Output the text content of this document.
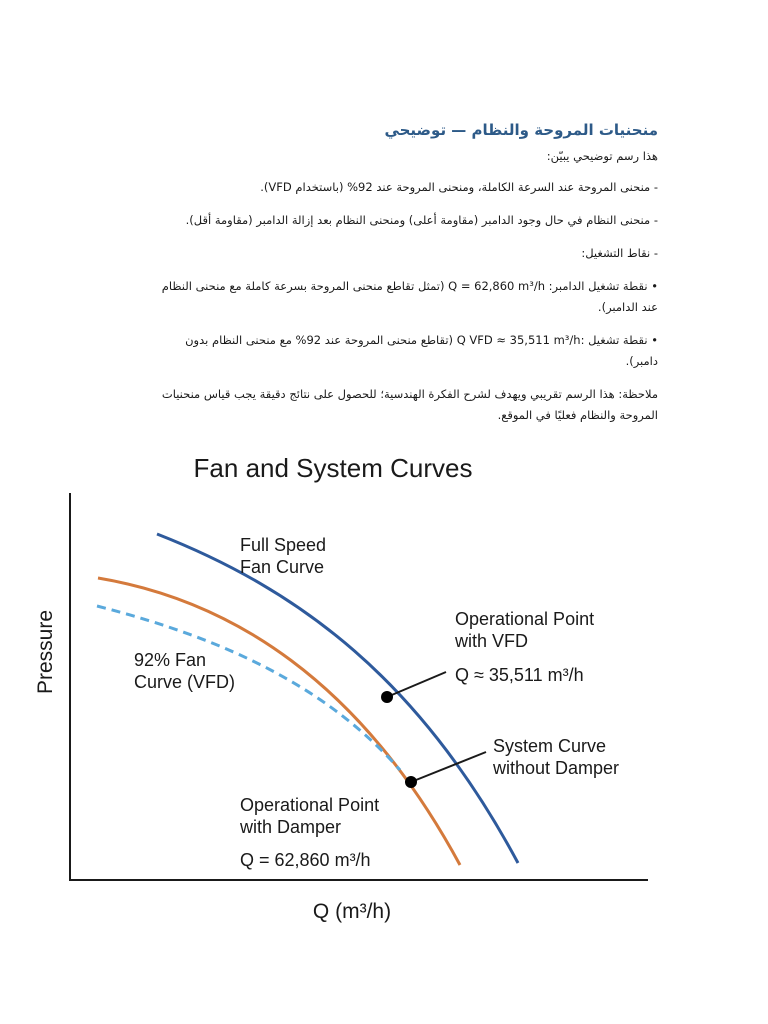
منحنيات المروحة والنظام — توضيحي

هذا رسم توضيحي يبيّن:

- منحنى المروحة عند السرعة الكاملة، ومنحنى المروحة عند 92% (باستخدام VFD).

- منحنى النظام في حال وجود الدامبر (مقاومة أعلى) ومنحنى النظام بعد إزالة الدامبر (مقاومة أقل).

- نقاط التشغيل:

• نقطة تشغيل الدامبر: Q = 62,860 m³/h (تمثل تقاطع منحنى المروحة بسرعة كاملة مع منحنى النظام عند الدامبر).

• نقطة تشغيل :Q VFD ≈ 35,511 m³/h (تقاطع منحنى المروحة عند 92% مع منحنى النظام بدون دامبر).

ملاحظة: هذا الرسم تقريبي ويهدف لشرح الفكرة الهندسية؛ للحصول على نتائج دقيقة يجب قياس منحنيات المروحة والنظام فعليًا في الموقع.

Fan and System Curves
Pressure
Q (m³/h)
Full Speed Fan Curve
Operational Point with VFD
Q ≈ 35,511 m³/h
92% Fan Curve (VFD)
System Curve without Damper
Operational Point with Damper
Q = 62,860 m³/h
